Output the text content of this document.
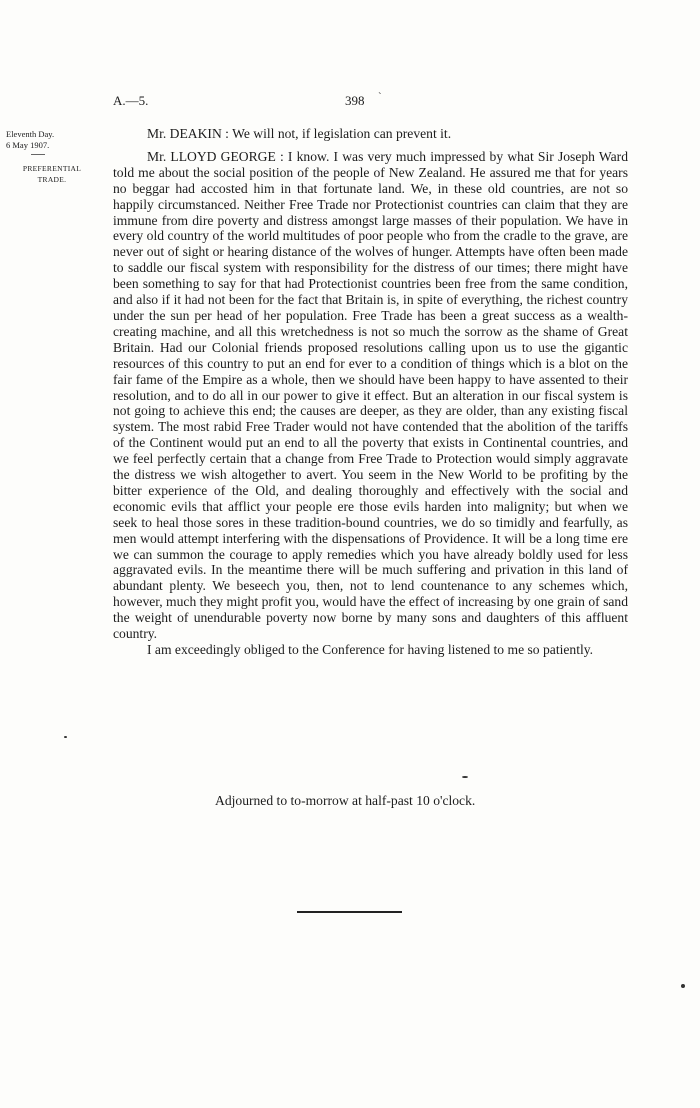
A.—5.	398 `
Eleventh Day.
6 May 1907.
PREFERENTIAL
TRADE.

Mr. DEAKIN : We will not, if legislation can prevent it.

Mr. LLOYD GEORGE : I know. I was very much impressed by what Sir Joseph Ward told me about the social position of the people of New Zealand. He assured me that for years no beggar had accosted him in that fortunate land. We, in these old countries, are not so happily circumstanced. Neither Free Trade nor Protectionist countries can claim that they are immune from dire poverty and distress amongst large masses of their population. We have in every old country of the world multitudes of poor people who from the cradle to the grave, are never out of sight or hearing distance of the wolves of hunger. Attempts have often been made to saddle our fiscal system with responsibility for the distress of our times; there might have been something to say for that had Protectionist countries been free from the same condition, and also if it had not been for the fact that Britain is, in spite of everything, the richest country under the sun per head of her population. Free Trade has been a great success as a wealth-creating machine, and all this wretchedness is not so much the sorrow as the shame of Great Britain. Had our Colonial friends proposed resolutions calling upon us to use the gigantic resources of this country to put an end for ever to a condition of things which is a blot on the fair fame of the Empire as a whole, then we should have been happy to have assented to their resolution, and to do all in our power to give it effect. But an alteration in our fiscal system is not going to achieve this end; the causes are deeper, as they are older, than any existing fiscal system. The most rabid Free Trader would not have contended that the abolition of the tariffs of the Continent would put an end to all the poverty that exists in Continental countries, and we feel perfectly certain that a change from Free Trade to Protection would simply aggravate the distress we wish altogether to avert. You seem in the New World to be profiting by the bitter experience of the Old, and dealing thoroughly and effectively with the social and economic evils that afflict your people ere those evils harden into malignity; but when we seek to heal those sores in these tradition-bound countries, we do so timidly and fearfully, as men would attempt interfering with the dispensations of Providence. It will be a long time ere we can summon the courage to apply remedies which you have already boldly used for less aggravated evils. In the meantime there will be much suffering and privation in this land of abundant plenty. We beseech you, then, not to lend countenance to any schemes which, however, much they might profit you, would have the effect of increasing by one grain of sand the weight of unendurable poverty now borne by many sons and daughters of this affluent country.

I am exceedingly obliged to the Conference for having listened to me so patiently.

Adjourned to to-morrow at half-past 10 o'clock.
